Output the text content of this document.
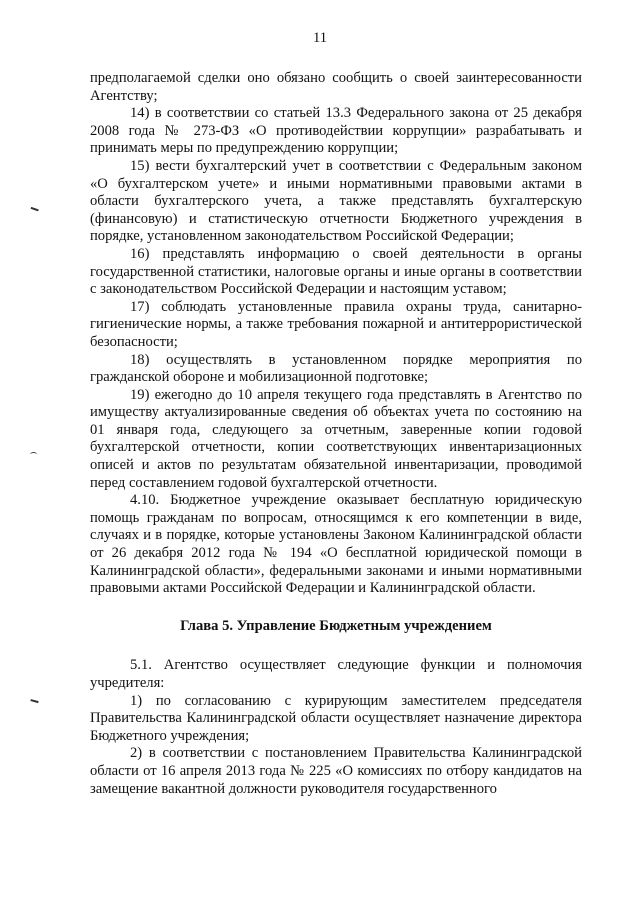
11

предполагаемой сделки оно обязано сообщить о своей заинтересованности Агентству;

14) в соответствии со статьей 13.3 Федерального закона от 25 декабря 2008 года № 273-ФЗ «О противодействии коррупции» разрабатывать и принимать меры по предупреждению коррупции;

15) вести бухгалтерский учет в соответствии с Федеральным законом «О бухгалтерском учете» и иными нормативными правовыми актами в области бухгалтерского учета, а также представлять бухгалтерскую (финансовую) и статистическую отчетности Бюджетного учреждения в порядке, установленном законодательством Российской Федерации;

16) представлять информацию о своей деятельности в органы государственной статистики, налоговые органы и иные органы в соответствии с законодательством Российской Федерации и настоящим уставом;

17) соблюдать установленные правила охраны труда, санитарно-гигиенические нормы, а также требования пожарной и антитеррористической безопасности;

18) осуществлять в установленном порядке мероприятия по гражданской обороне и мобилизационной подготовке;

19) ежегодно до 10 апреля текущего года представлять в Агентство по имуществу актуализированные сведения об объектах учета по состоянию на 01 января года, следующего за отчетным, заверенные копии годовой бухгалтерской отчетности, копии соответствующих инвентаризационных описей и актов по результатам обязательной инвентаризации, проводимой перед составлением годовой бухгалтерской отчетности.

4.10. Бюджетное учреждение оказывает бесплатную юридическую помощь гражданам по вопросам, относящимся к его компетенции в виде, случаях и в порядке, которые установлены Законом Калининградской области от 26 декабря 2012 года № 194 «О бесплатной юридической помощи в Калининградской области», федеральными законами и иными нормативными правовыми актами Российской Федерации и Калининградской области.

Глава 5. Управление Бюджетным учреждением

5.1. Агентство осуществляет следующие функции и полномочия учредителя:

1) по согласованию с курирующим заместителем председателя Правительства Калининградской области осуществляет назначение директора Бюджетного учреждения;

2) в соответствии с постановлением Правительства Калининградской области от 16 апреля 2013 года № 225 «О комиссиях по отбору кандидатов на замещение вакантной должности руководителя государственного
